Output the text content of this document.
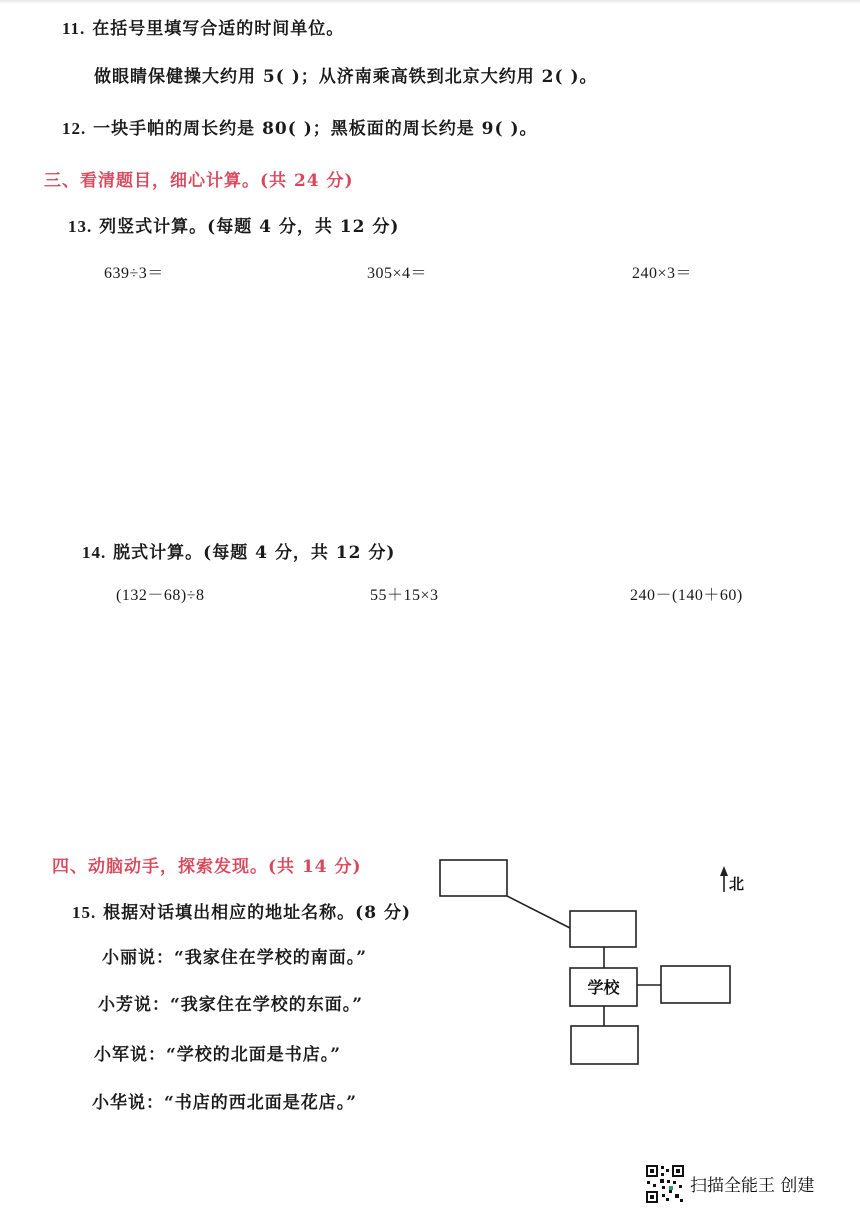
11. 在括号里填写合适的时间单位。
做眼睛保健操大约用 5( )；从济南乘高铁到北京大约用 2( )。
12. 一块手帕的周长约是 80( )；黑板面的周长约是 9( )。
三、看清题目，细心计算。(共 24 分)
13. 列竖式计算。(每题 4 分，共 12 分)
639÷3＝	305×4＝	240×3＝
14. 脱式计算。(每题 4 分，共 12 分)
(132－68)÷8	55＋15×3	240－(140＋60)
四、动脑动手，探索发现。(共 14 分)
15. 根据对话填出相应的地址名称。(8 分)
小丽说：“我家住在学校的南面。”
小芳说：“我家住在学校的东面。”
小军说：“学校的北面是书店。”
小华说：“书店的西北面是花店。”
学校
北
扫描全能王 创建
